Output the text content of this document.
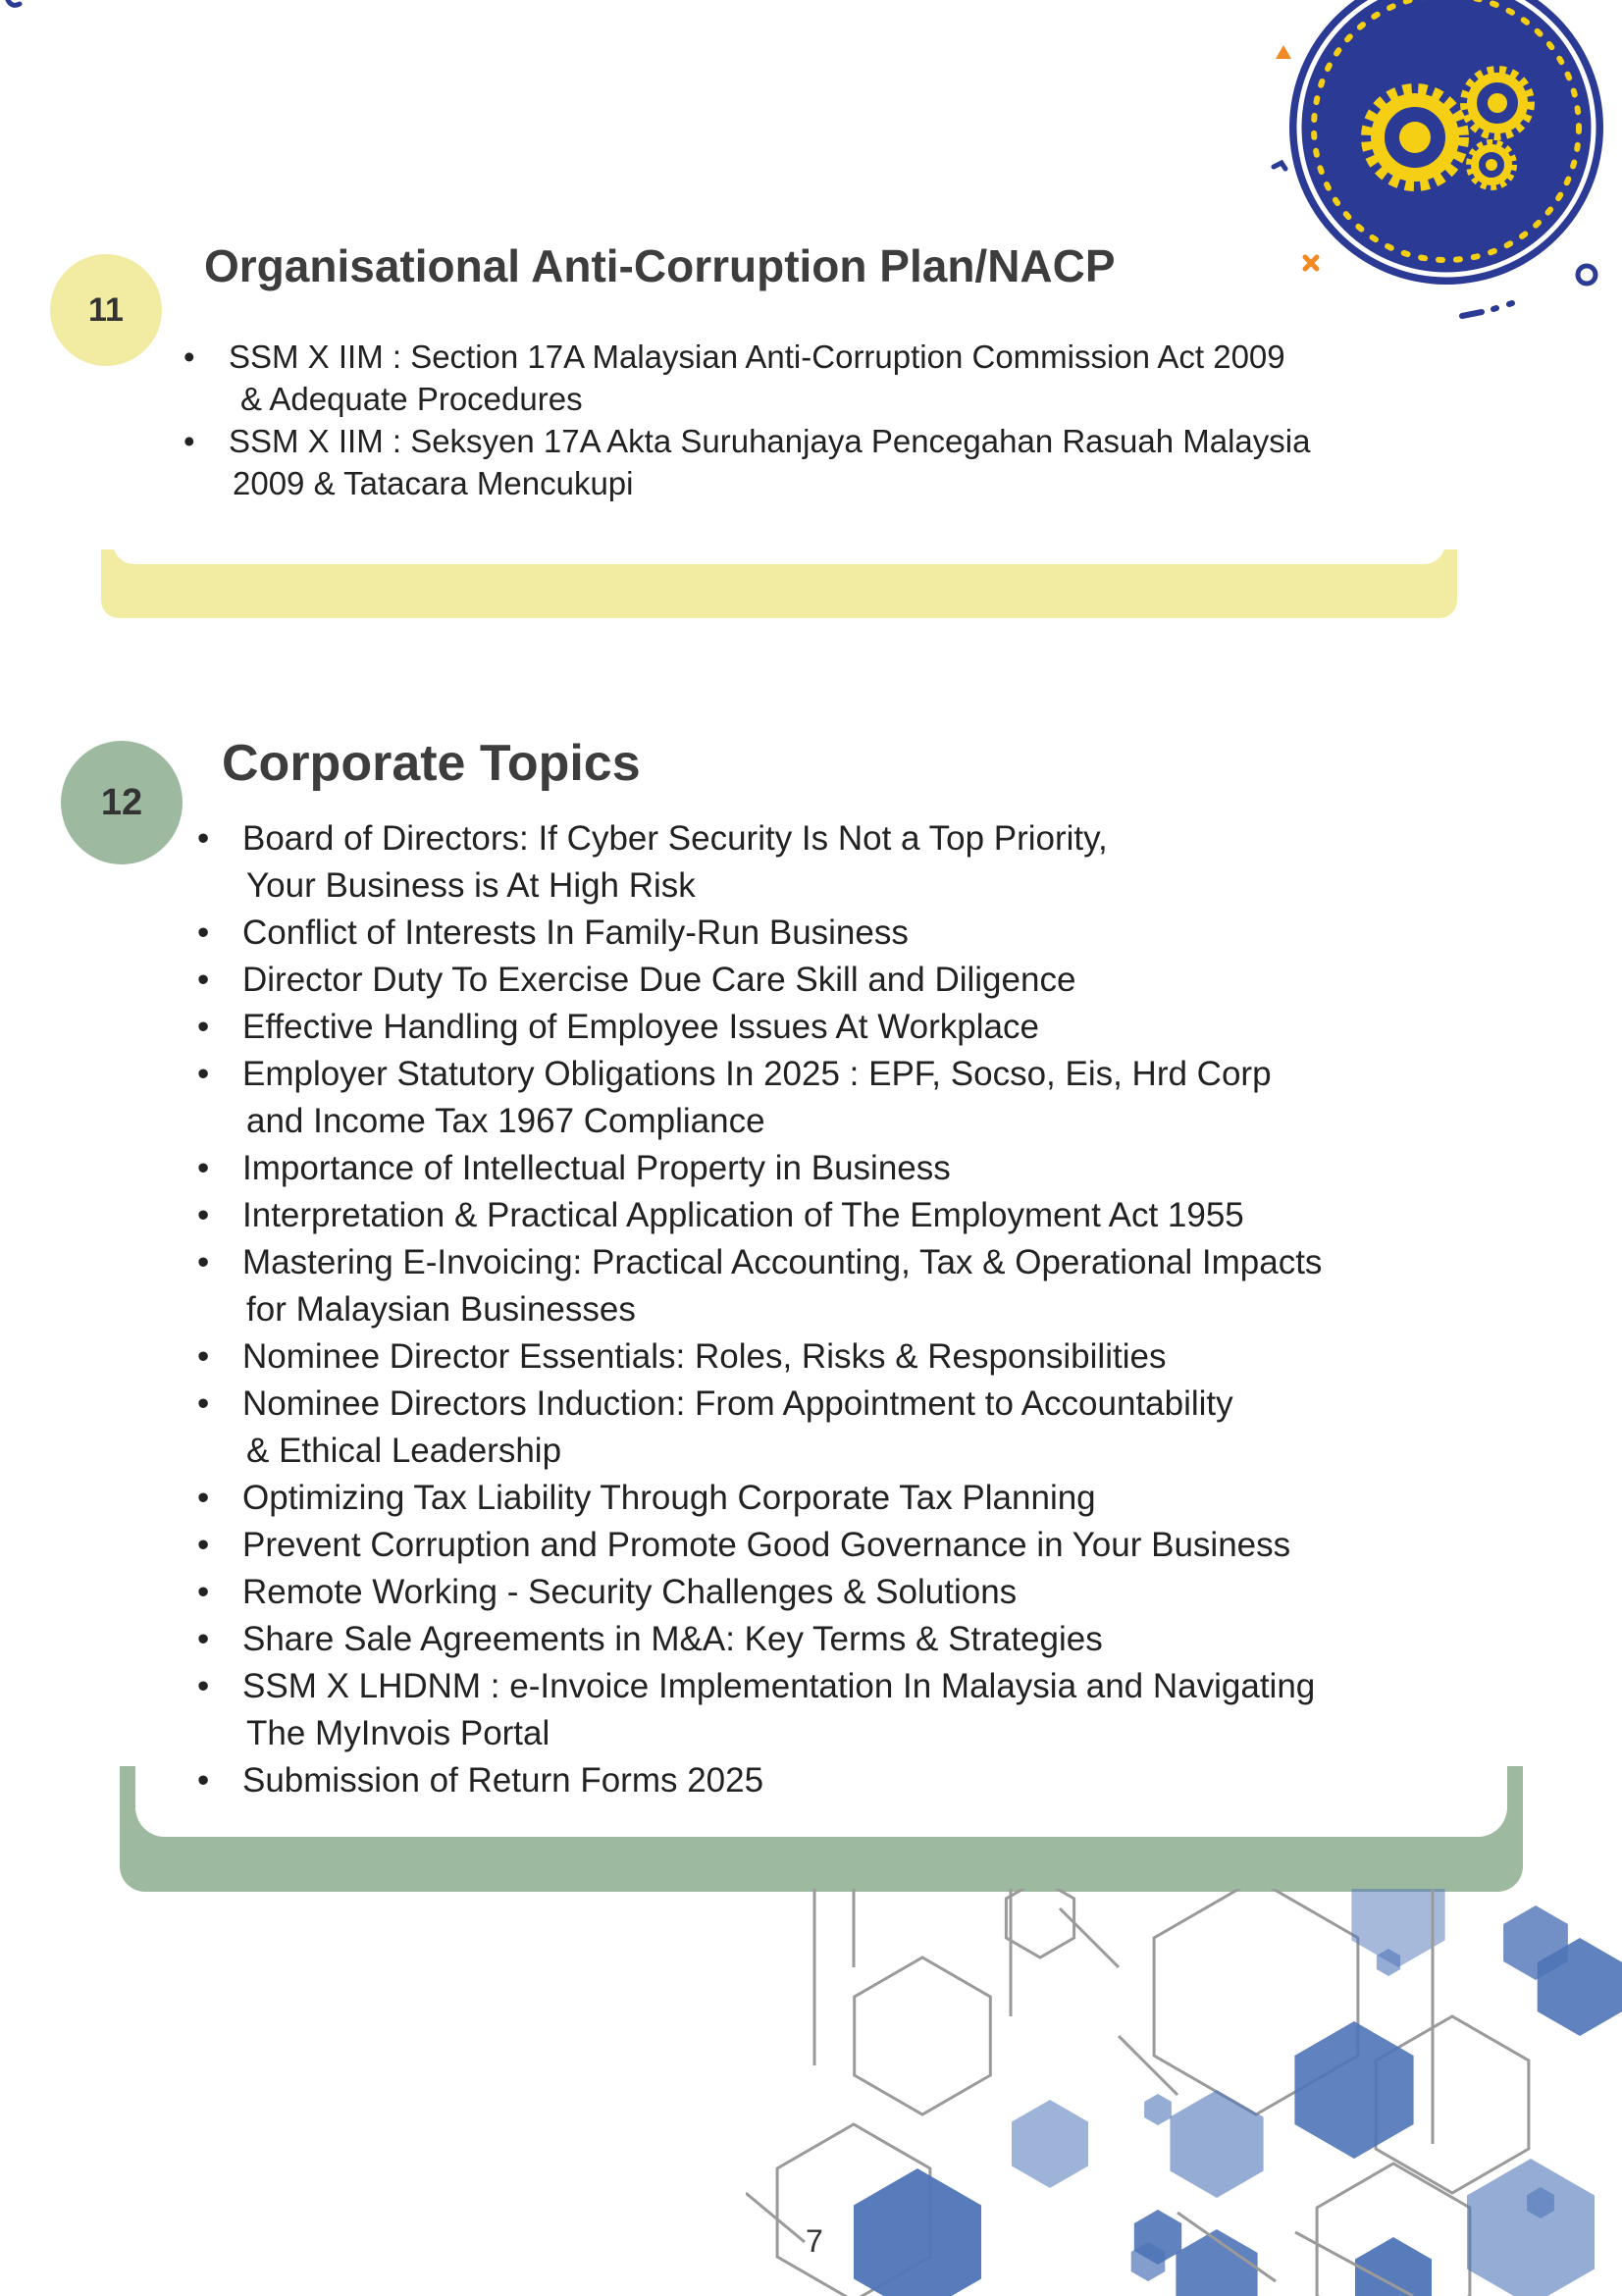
11
Organisational Anti-Corruption Plan/NACP
• SSM X IIM : Section 17A Malaysian Anti-Corruption Commission Act 2009
& Adequate Procedures
• SSM X IIM : Seksyen 17A Akta Suruhanjaya Pencegahan Rasuah Malaysia
2009 & Tatacara Mencukupi
12
Corporate Topics
• Board of Directors: If Cyber Security Is Not a Top Priority,
Your Business is At High Risk
• Conflict of Interests In Family-Run Business
• Director Duty To Exercise Due Care Skill and Diligence
• Effective Handling of Employee Issues At Workplace
• Employer Statutory Obligations In 2025 : EPF, Socso, Eis, Hrd Corp
and Income Tax 1967 Compliance
• Importance of Intellectual Property in Business
• Interpretation & Practical Application of The Employment Act 1955
• Mastering E-Invoicing: Practical Accounting, Tax & Operational Impacts
for Malaysian Businesses
• Nominee Director Essentials: Roles, Risks & Responsibilities
• Nominee Directors Induction: From Appointment to Accountability
& Ethical Leadership
• Optimizing Tax Liability Through Corporate Tax Planning
• Prevent Corruption and Promote Good Governance in Your Business
• Remote Working - Security Challenges & Solutions
• Share Sale Agreements in M&A: Key Terms & Strategies
• SSM X LHDNM : e-Invoice Implementation In Malaysia and Navigating
The MyInvois Portal
• Submission of Return Forms 2025
7
